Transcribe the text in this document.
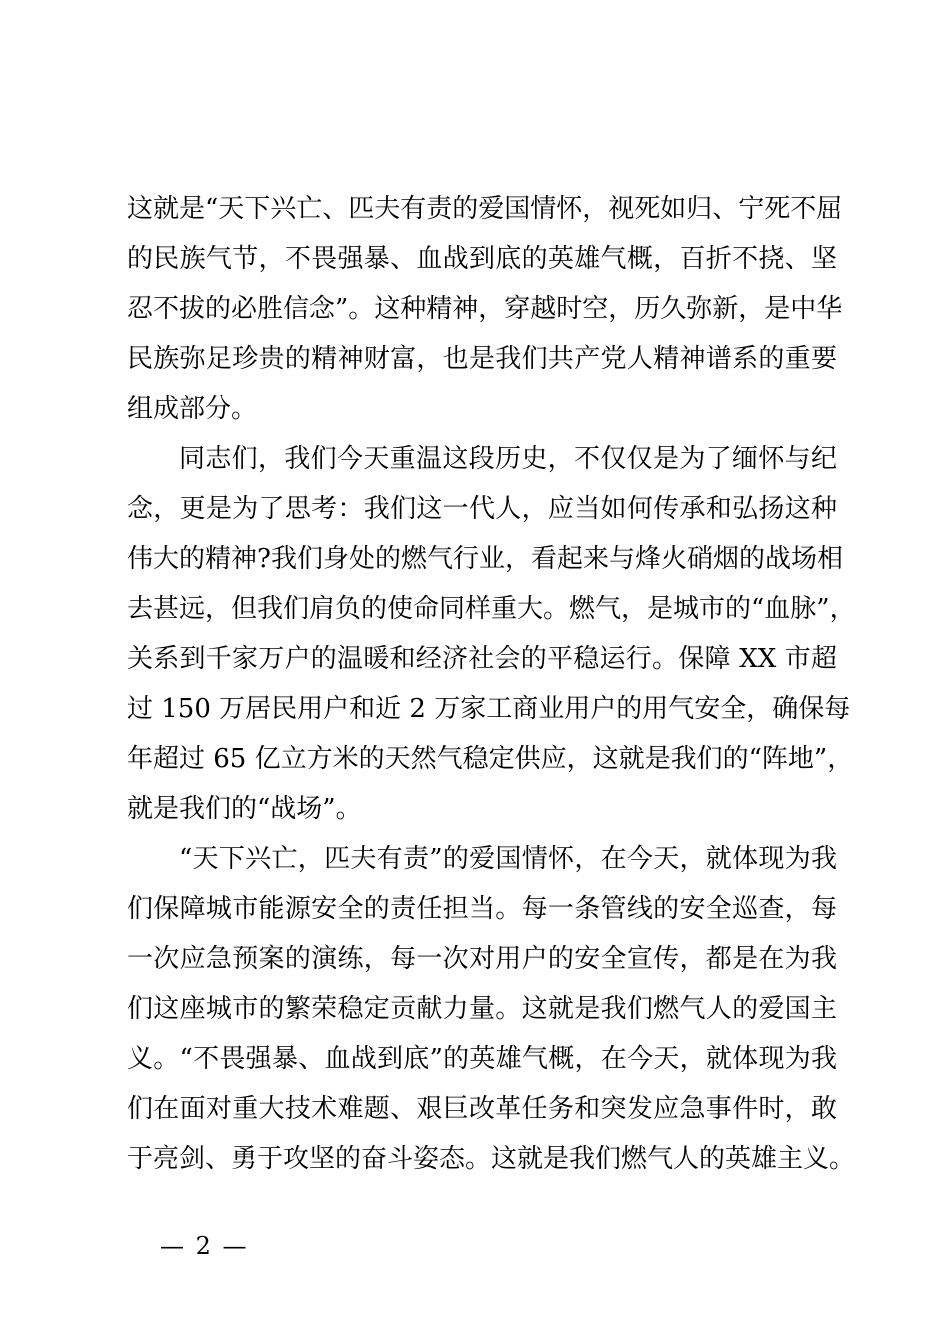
这就是“天下兴亡、匹夫有责的爱国情怀，视死如归、宁死不屈
的民族气节，不畏强暴、血战到底的英雄气概，百折不挠、坚
忍不拔的必胜信念”。这种精神，穿越时空，历久弥新，是中华
民族弥足珍贵的精神财富，也是我们共产党人精神谱系的重要
组成部分。
同志们，我们今天重温这段历史，不仅仅是为了缅怀与纪
念，更是为了思考：我们这一代人，应当如何传承和弘扬这种
伟大的精神?我们身处的燃气行业，看起来与烽火硝烟的战场相
去甚远，但我们肩负的使命同样重大。燃气，是城市的“血脉”，
关系到千家万户的温暖和经济社会的平稳运行。保障 XX 市超
过 150 万居民用户和近 2 万家工商业用户的用气安全，确保每
年超过 65 亿立方米的天然气稳定供应，这就是我们的“阵地”，
就是我们的“战场”。
“天下兴亡，匹夫有责”的爱国情怀，在今天，就体现为我
们保障城市能源安全的责任担当。每一条管线的安全巡查，每
一次应急预案的演练，每一次对用户的安全宣传，都是在为我
们这座城市的繁荣稳定贡献力量。这就是我们燃气人的爱国主
义。“不畏强暴、血战到底”的英雄气概，在今天，就体现为我
们在面对重大技术难题、艰巨改革任务和突发应急事件时，敢
于亮剑、勇于攻坚的奋斗姿态。这就是我们燃气人的英雄主义。
— 2 —
